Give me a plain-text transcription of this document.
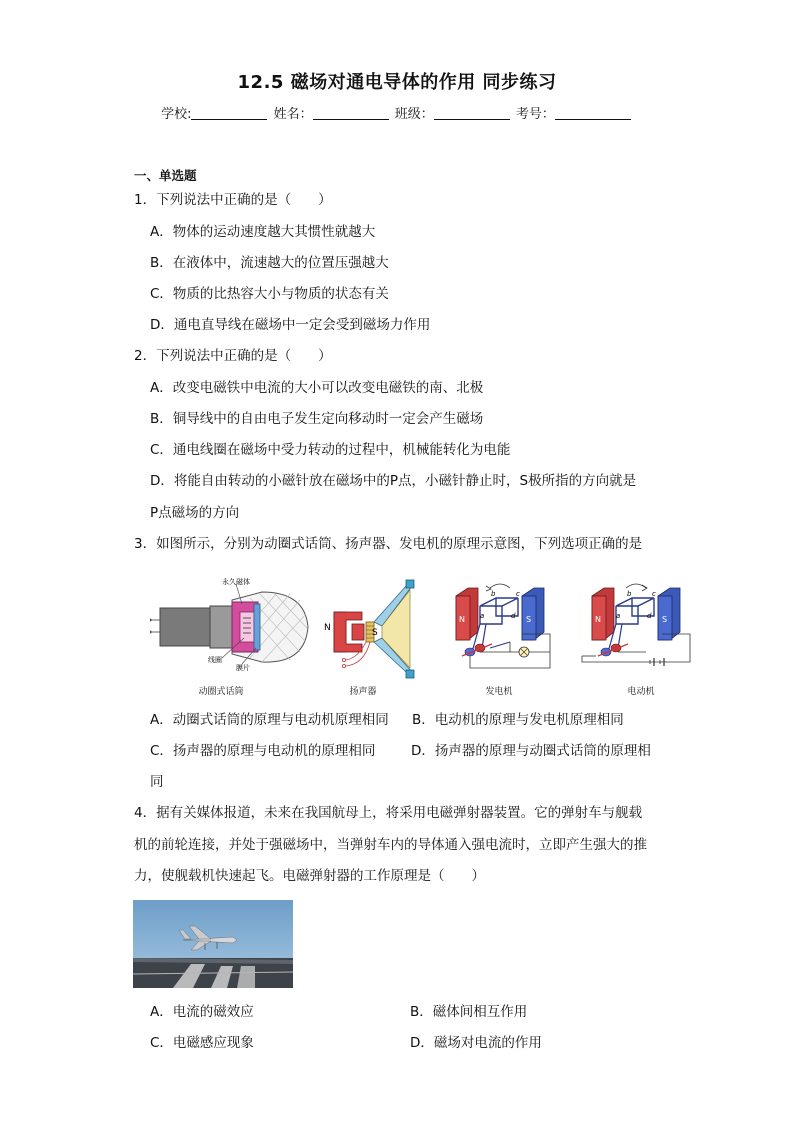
12.5 磁场对通电导体的作用 同步练习
学校:	姓名：	班级：	考号：
一、单选题
1．下列说法中正确的是（　　）
A．物体的运动速度越大其惯性就越大
B．在液体中，流速越大的位置压强越大
C．物质的比热容大小与物质的状态有关
D．通电直导线在磁场中一定会受到磁场力作用
2．下列说法中正确的是（　　）
A．改变电磁铁中电流的大小可以改变电磁铁的南、北极
B．铜导线中的自由电子发生定向移动时一定会产生磁场
C．通电线圈在磁场中受力转动的过程中，机械能转化为电能
D．将能自由转动的小磁针放在磁场中的P点，小磁针静止时，S极所指的方向就是
P点磁场的方向
3．如图所示，分别为动圈式话筒、扬声器、发电机的原理示意图，下列选项正确的是
永久磁体
线圈
膜片
N	S
N	S
b	c
a	d	N	S
b	c
a	d
动圈式话筒	扬声器	发电机	电动机
A．动圈式话筒的原理与电动机原理相同 B．电动机的原理与发电机原理相同
C．扬声器的原理与电动机的原理相同	D．扬声器的原理与动圈式话筒的原理相
同
4．据有关媒体报道，未来在我国航母上，将采用电磁弹射器装置。它的弹射车与舰载
机的前轮连接，并处于强磁场中，当弹射车内的导体通入强电流时，立即产生强大的推
力，使舰载机快速起飞。电磁弹射器的工作原理是（　　）
A．电流的磁效应	B．磁体间相互作用
C．电磁感应现象	D．磁场对电流的作用
